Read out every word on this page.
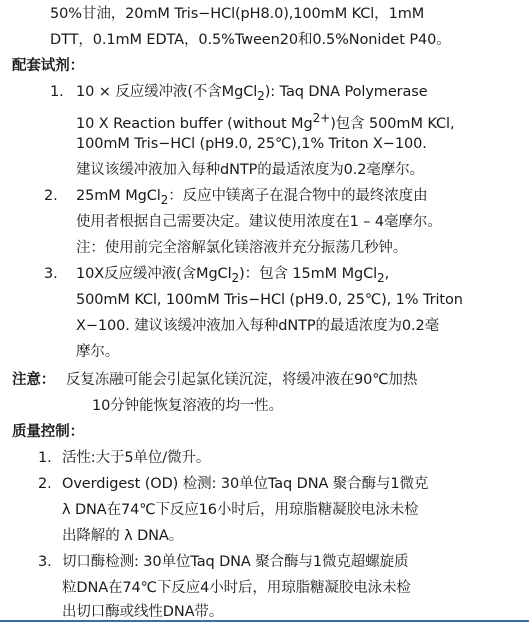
50%甘油，20mM Tris−HCl(pH8.0),100mM KCl，1mM
DTT，0.1mM EDTA，0.5%Tween20和0.5%Nonidet P40。
配套试剂：
1. 10 × 反应缓冲液(不含MgCl$_2$): Taq DNA Polymerase
10 X Reaction buffer (without $Mg^{2+}$)包含 500mM KCl,
100mM Tris−HCl (pH9.0, 25℃),1% Triton X−100.
建议该缓冲液加入每种dNTP的最适浓度为0.2毫摩尔。
2. 25mM MgCl$_2$：反应中镁离子在混合物中的最终浓度由
使用者根据自己需要决定。建议使用浓度在1 – 4毫摩尔。
注：使用前完全溶解氯化镁溶液并充分振荡几秒钟。
3. 10X反应缓冲液(含MgCl$_2$)：包含 15mM MgCl$_2$,
500mM KCl, 100mM Tris−HCl (pH9.0, 25℃), 1% Triton
X−100. 建议该缓冲液加入每种dNTP的最适浓度为0.2毫
摩尔。
注意： 反复冻融可能会引起氯化镁沉淀，将缓冲液在90℃加热
10分钟能恢复溶液的均一性。
质量控制：
1. 活性:大于5单位/微升。
2. Overdigest (OD) 检测: 30单位Taq DNA 聚合酶与1微克
λ DNA在74℃下反应16小时后，用琼脂糖凝胶电泳未检
出降解的 λ DNA。
3. 切口酶检测: 30单位Taq DNA 聚合酶与1微克超螺旋质
粒DNA在74℃下反应4小时后，用琼脂糖凝胶电泳未检
出切口酶或线性DNA带。
